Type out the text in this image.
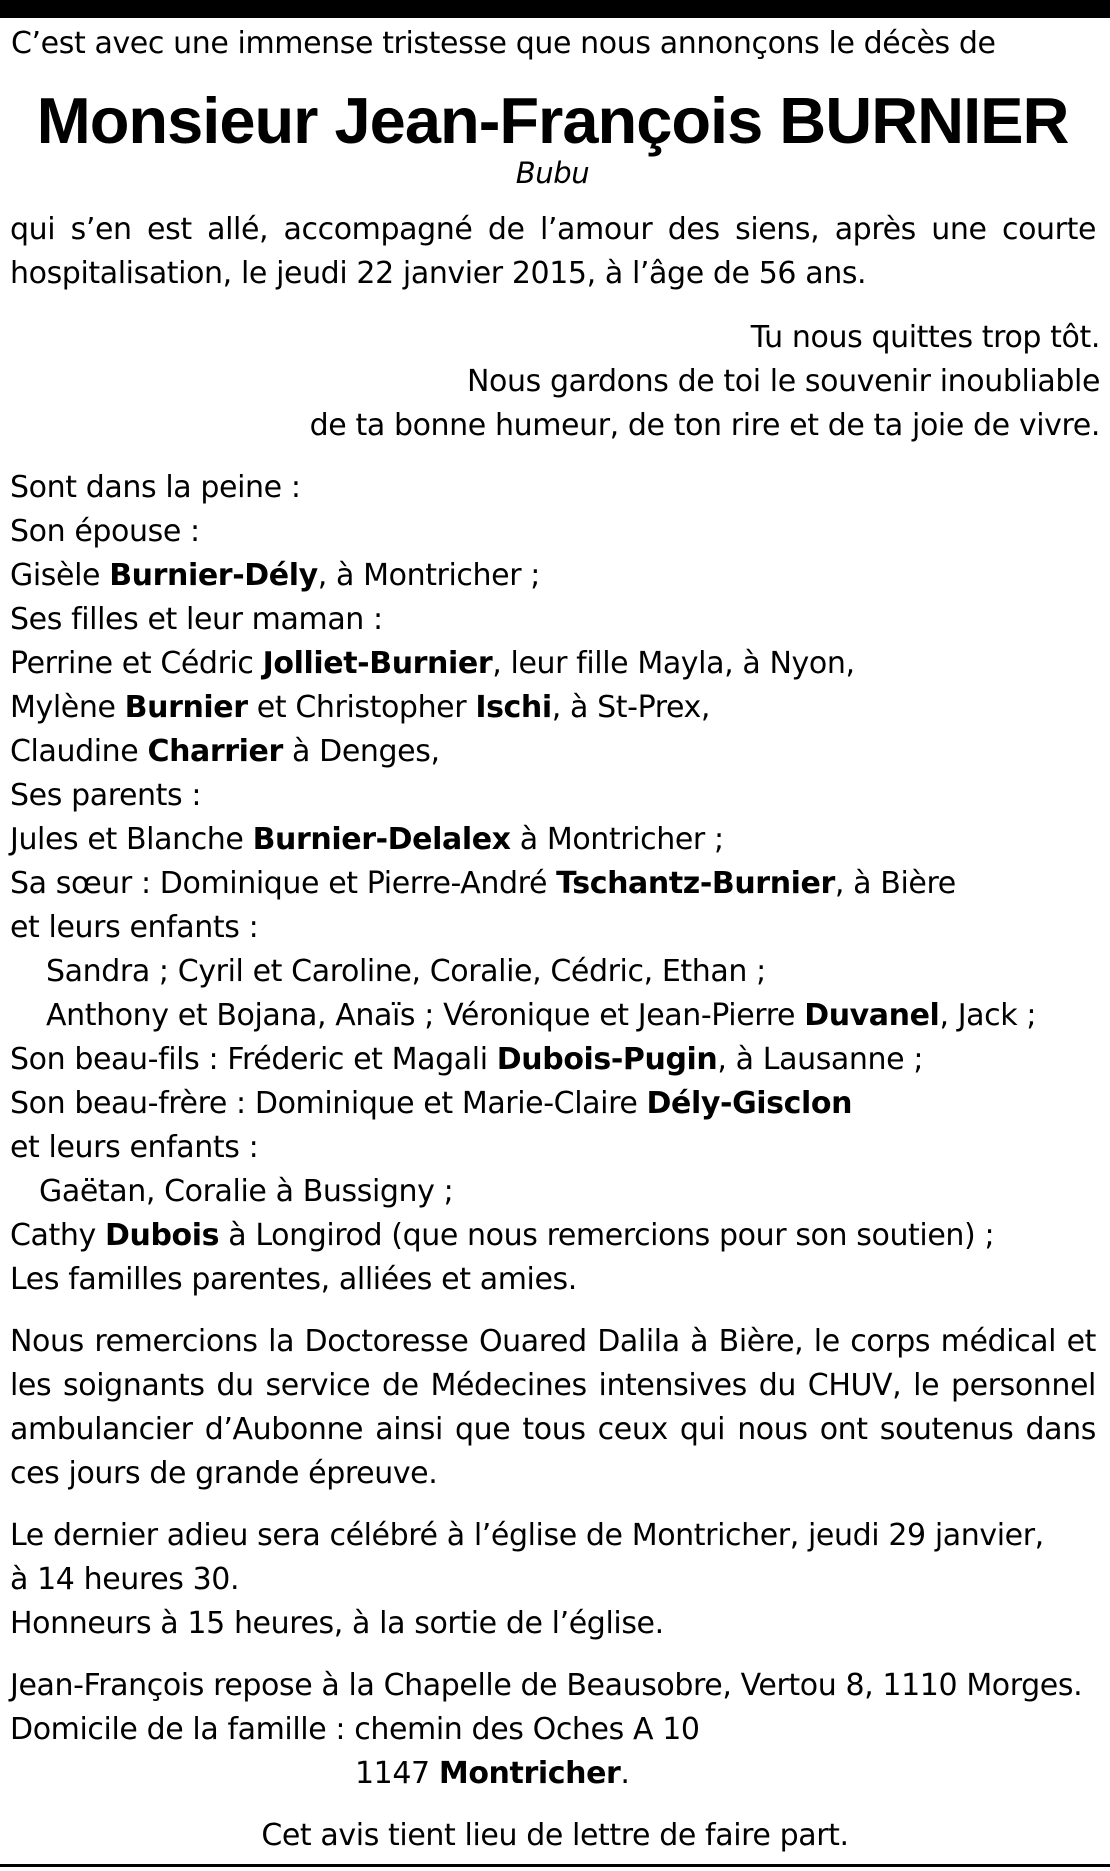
C’est avec une immense tristesse que nous annonçons le décès de
Monsieur Jean-François BURNIER
Bubu
qui s’en est allé, accompagné de l’amour des siens, après une courte
hospitalisation, le jeudi 22 janvier 2015, à l’âge de 56 ans.
Tu nous quittes trop tôt.
Nous gardons de toi le souvenir inoubliable
de ta bonne humeur, de ton rire et de ta joie de vivre.
Sont dans la peine :
Son épouse :
Gisèle Burnier-Dély, à Montricher ;
Ses filles et leur maman :
Perrine et Cédric Jolliet-Burnier, leur fille Mayla, à Nyon,
Mylène Burnier et Christopher Ischi, à St-Prex,
Claudine Charrier à Denges,
Ses parents :
Jules et Blanche Burnier-Delalex à Montricher ;
Sa sœur : Dominique et Pierre-André Tschantz-Burnier, à Bière
et leurs enfants :
Sandra ; Cyril et Caroline, Coralie, Cédric, Ethan ;
Anthony et Bojana, Anaïs ; Véronique et Jean-Pierre Duvanel, Jack ;
Son beau-fils : Fréderic et Magali Dubois-Pugin, à Lausanne ;
Son beau-frère : Dominique et Marie-Claire Dély-Gisclon
et leurs enfants :
Gaëtan, Coralie à Bussigny ;
Cathy Dubois à Longirod (que nous remercions pour son soutien) ;
Les familles parentes, alliées et amies.
Nous remercions la Doctoresse Ouared Dalila à Bière, le corps médical et
les soignants du service de Médecines intensives du CHUV, le personnel
ambulancier d’Aubonne ainsi que tous ceux qui nous ont soutenus dans
ces jours de grande épreuve.
Le dernier adieu sera célébré à l’église de Montricher, jeudi 29 janvier,
à 14 heures 30.
Honneurs à 15 heures, à la sortie de l’église.
Jean-François repose à la Chapelle de Beausobre, Vertou 8, 1110 Morges.
Domicile de la famille : chemin des Oches A 10
1147 Montricher.
Cet avis tient lieu de lettre de faire part.
